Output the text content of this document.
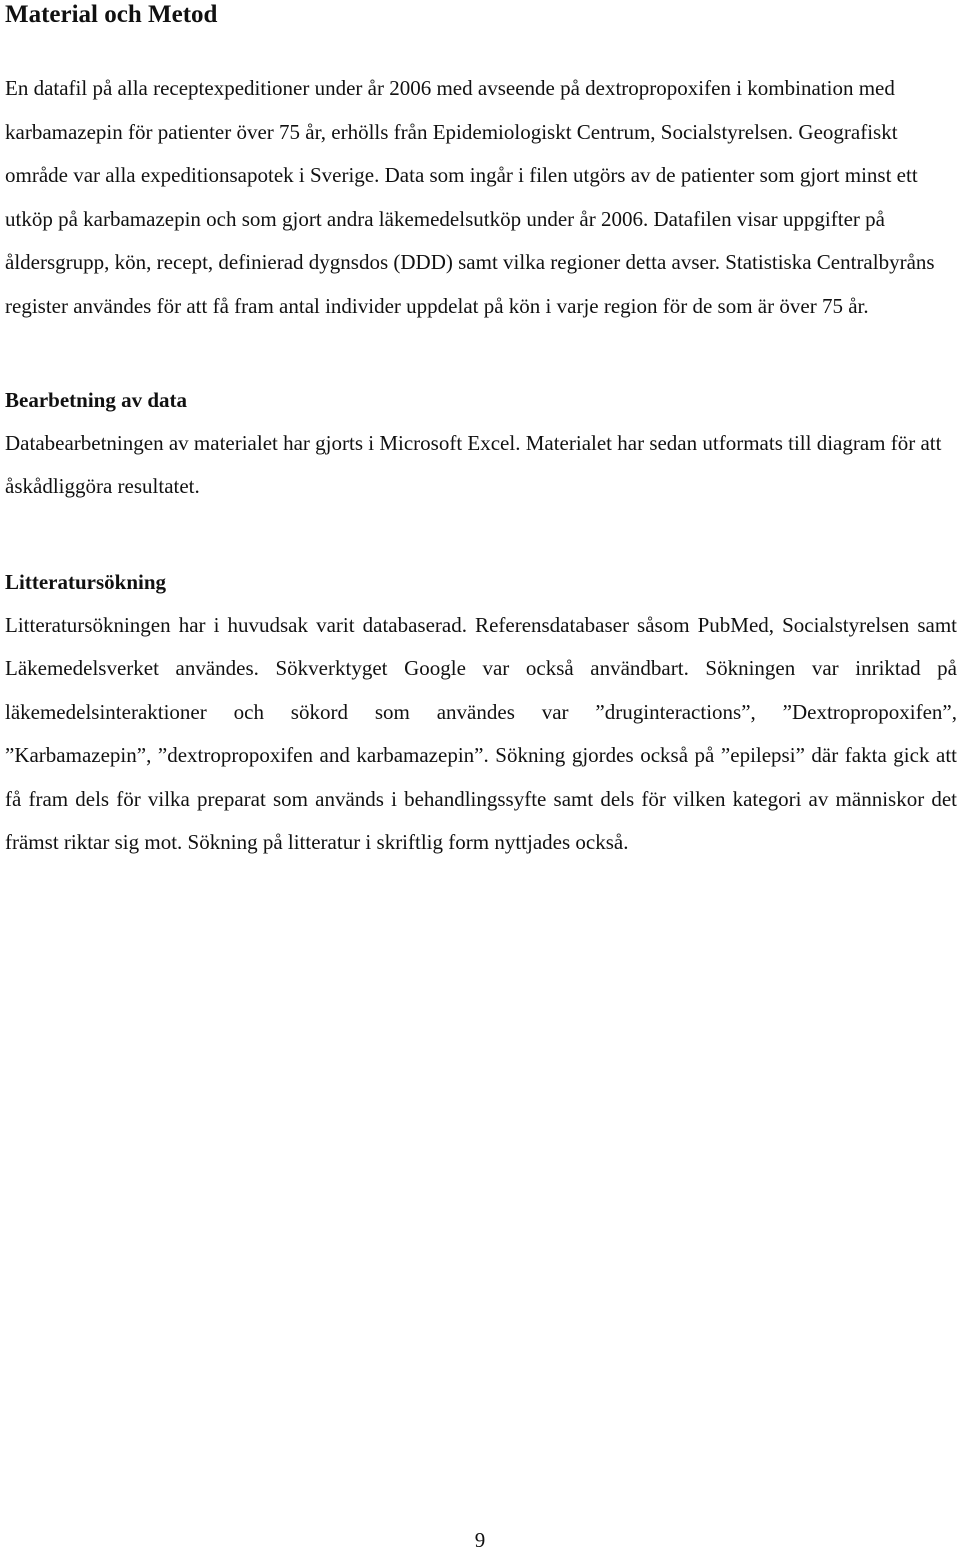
Material och Metod

En datafil på alla receptexpeditioner under år 2006 med avseende på dextropropoxifen i kombination med karbamazepin för patienter över 75 år, erhölls från Epidemiologiskt Centrum, Socialstyrelsen. Geografiskt område var alla expeditionsapotek i Sverige. Data som ingår i filen utgörs av de patienter som gjort minst ett utköp på karbamazepin och som gjort andra läkemedelsutköp under år 2006. Datafilen visar uppgifter på åldersgrupp, kön, recept, definierad dygnsdos (DDD) samt vilka regioner detta avser. Statistiska Centralbyråns register användes för att få fram antal individer uppdelat på kön i varje region för de som är över 75 år.

Bearbetning av data

Databearbetningen av materialet har gjorts i Microsoft Excel. Materialet har sedan utformats till diagram för att åskådliggöra resultatet.

Litteratursökning

Litteratursökningen har i huvudsak varit databaserad. Referensdatabaser såsom PubMed, Socialstyrelsen samt Läkemedelsverket användes. Sökverktyget Google var också användbart. Sökningen var inriktad på läkemedelsinteraktioner och sökord som användes var ”druginteractions”, ”Dextropropoxifen”, ”Karbamazepin”, ”dextropropoxifen and karbamazepin”. Sökning gjordes också på ”epilepsi” där fakta gick att få fram dels för vilka preparat som används i behandlingssyfte samt dels för vilken kategori av människor det främst riktar sig mot. Sökning på litteratur i skriftlig form nyttjades också.

9
